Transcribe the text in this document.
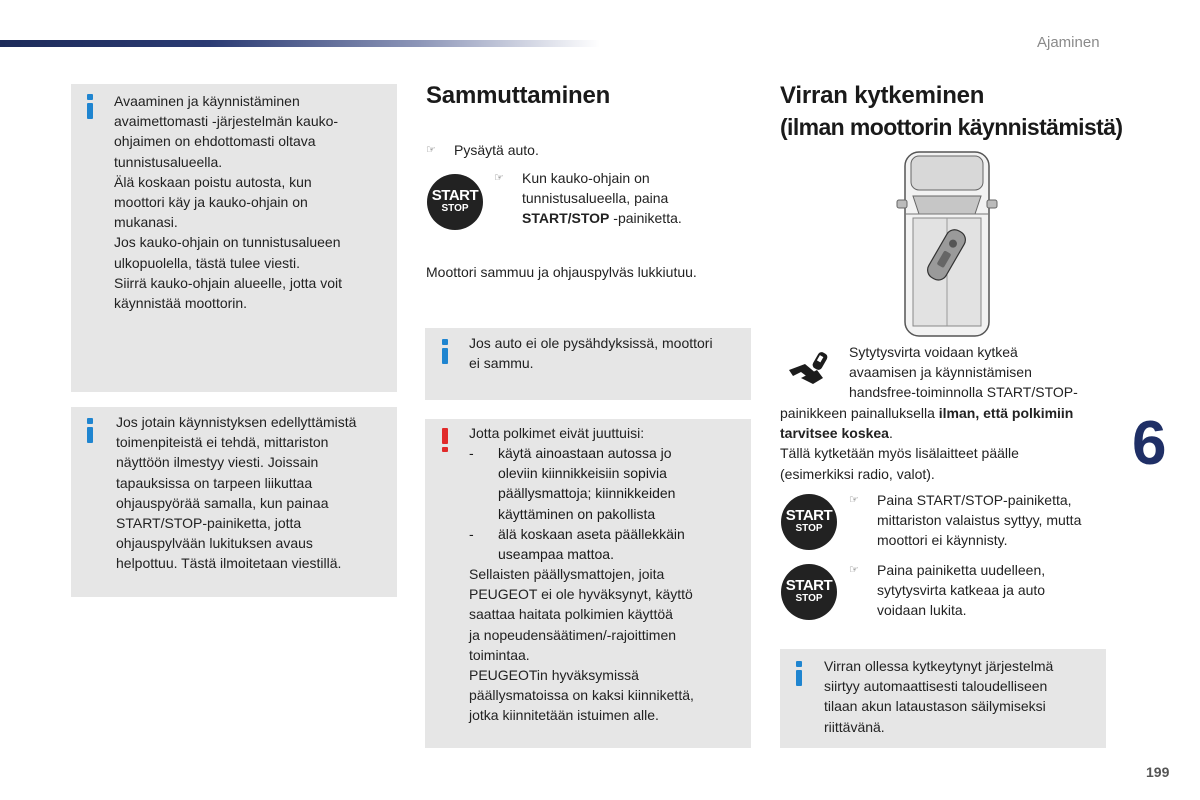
Ajaminen
6
199
Avaaminen ja käynnistäminen
avaimettomasti -järjestelmän kauko-
ohjaimen on ehdottomasti oltava
tunnistusalueella.
Älä koskaan poistu autosta, kun
moottori käy ja kauko-ohjain on
mukanasi.
Jos kauko-ohjain on tunnistusalueen
ulkopuolella, tästä tulee viesti.
Siirrä kauko-ohjain alueelle, jotta voit
käynnistää moottorin.
Jos jotain käynnistyksen edellyttämistä
toimenpiteistä ei tehdä, mittariston
näyttöön ilmestyy viesti. Joissain
tapauksissa on tarpeen liikuttaa
ohjauspyörää samalla, kun painaa
START/STOP-painiketta, jotta
ohjauspylvään lukituksen avaus
helpottuu. Tästä ilmoitetaan viestillä.
Sammuttaminen
☞ Pysäytä auto.
START
STOP
☞ Kun kauko-ohjain on
tunnistusalueella, paina
START/STOP -painiketta.
Moottori sammuu ja ohjauspylväs lukkiutuu.
Jos auto ei ole pysähdyksissä, moottori
ei sammu.
Jotta polkimet eivät juuttuisi:
- käytä ainoastaan autossa jo
oleviin kiinnikkeisiin sopivia
päällysmattoja; kiinnikkeiden
käyttäminen on pakollista
- älä koskaan aseta päällekkäin
useampaa mattoa.
Sellaisten päällysmattojen, joita
PEUGEOT ei ole hyväksynyt, käyttö
saattaa haitata polkimien käyttöä
ja nopeudensäätimen/-rajoittimen
toimintaa.
PEUGEOTin hyväksymissä
päällysmatoissa on kaksi kiinnikettä,
jotka kiinnitetään istuimen alle.
Virran kytkeminen
(ilman moottorin käynnistämistä)
Sytytysvirta voidaan kytkeä
avaamisen ja käynnistämisen
handsfree-toiminnolla START/STOP-
painikkeen painalluksella ilman, että polkimiin
tarvitsee koskea.
Tällä kytketään myös lisälaitteet päälle
(esimerkiksi radio, valot).
START
STOP
☞ Paina START/STOP-painiketta,
mittariston valaistus syttyy, mutta
moottori ei käynnisty.
START
STOP
☞ Paina painiketta uudelleen,
sytytysvirta katkeaa ja auto
voidaan lukita.
Virran ollessa kytkeytynyt järjestelmä
siirtyy automaattisesti taloudelliseen
tilaan akun lataustason säilymiseksi
riittävänä.
